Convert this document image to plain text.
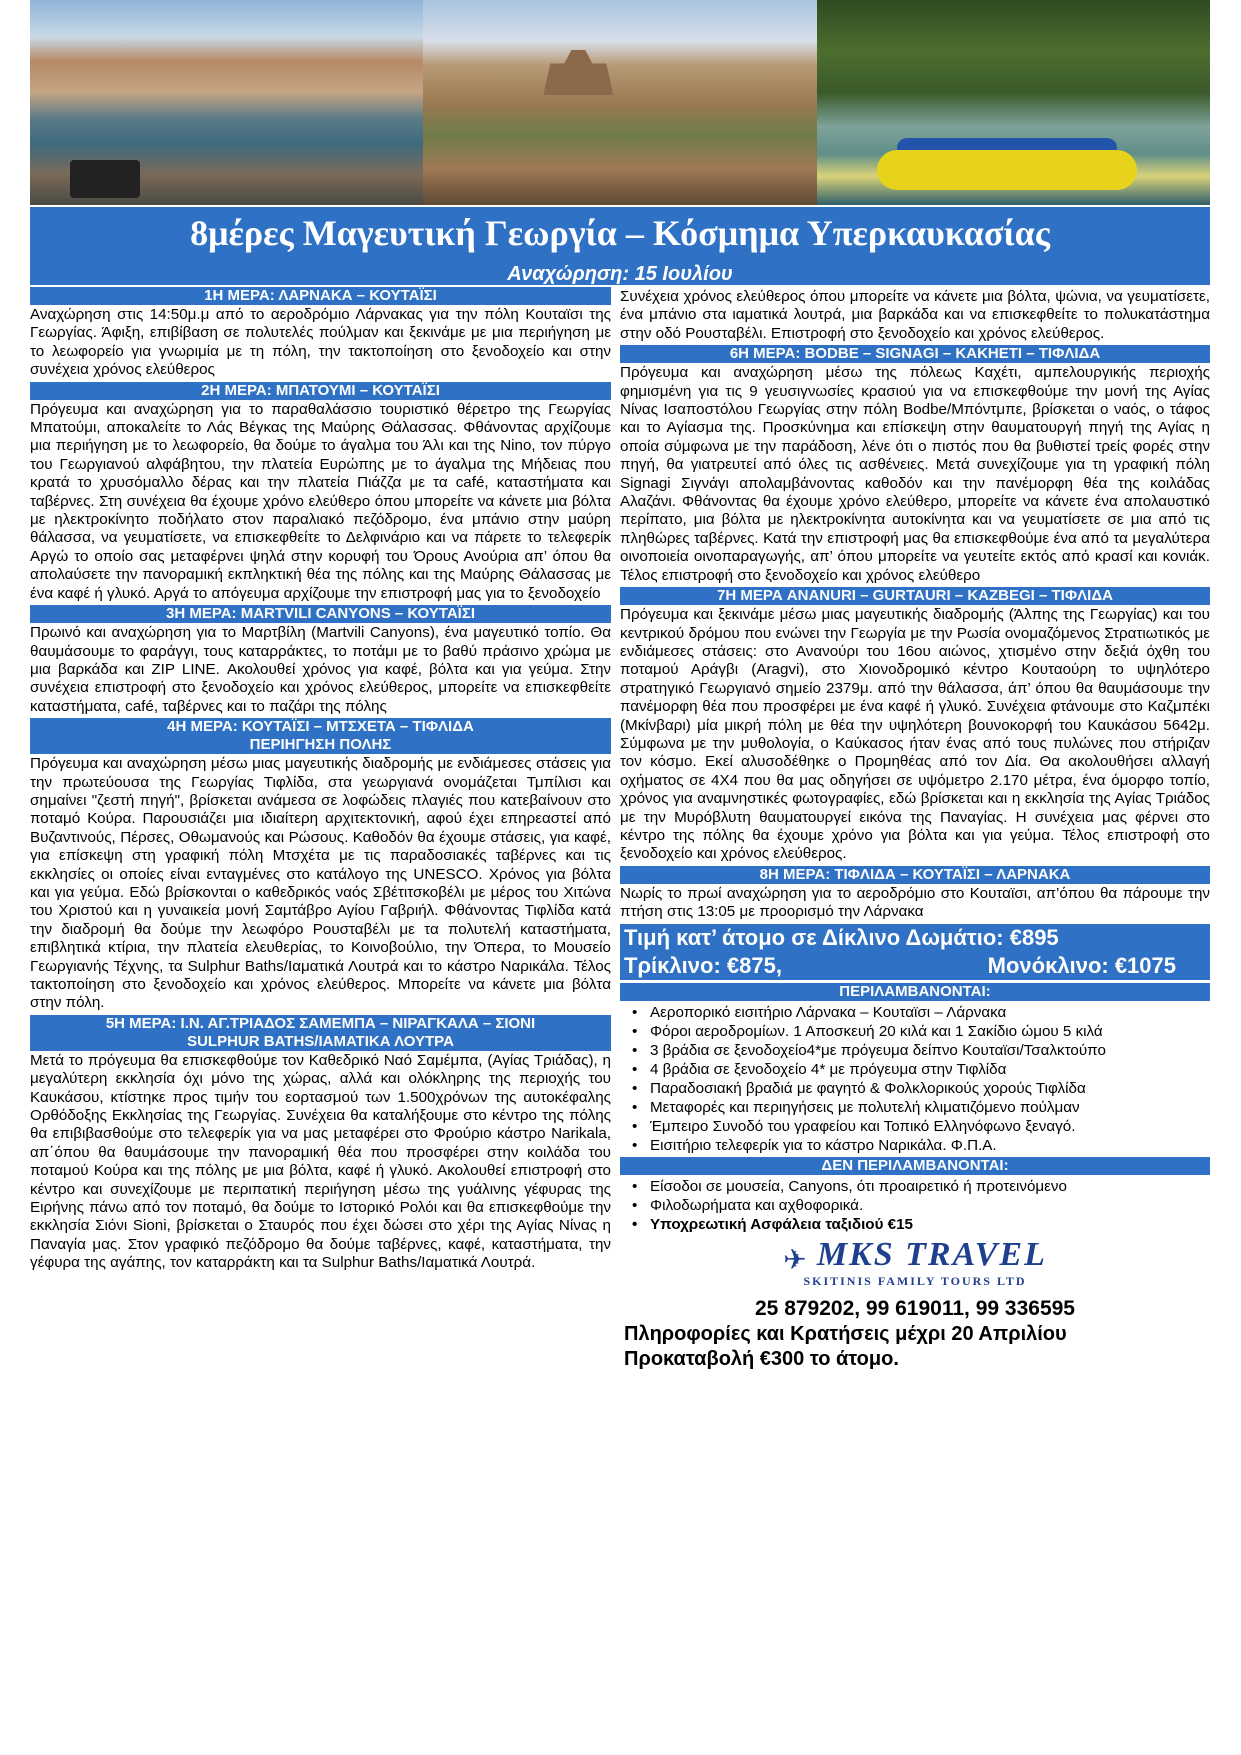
8μέρες Μαγευτική Γεωργία – Κόσμημα Υπερκαυκασίας
Αναχώρηση: 15 Ιουλίου
1Η ΜΕΡΑ: ΛΑΡΝΑΚΑ – ΚΟΥΤΑΪΣΙ
Αναχώρηση στις 14:50μ.μ από το αεροδρόμιο Λάρνακας για την πόλη Κουταϊσι της Γεωργίας. Άφιξη, επιβίβαση σε πολυτελές πούλμαν και ξεκινάμε με μια περιήγηση με το λεωφορείο για γνωριμία με τη πόλη, την τακτοποίηση στο ξενοδοχείο και στην συνέχεια χρόνος ελεύθερος
2Η ΜΕΡΑ: ΜΠΑΤΟΥΜΙ – ΚΟΥΤΑΪΣΙ
Πρόγευμα και αναχώρηση για το παραθαλάσσιο τουριστικό θέρετρο της Γεωργίας Μπατούμι, αποκαλείτε το Λάς Βέγκας της Μαύρης Θάλασσας. Φθάνοντας αρχίζουμε μια περιήγηση με το λεωφορείο, θα δούμε το άγαλμα του Άλι και της Nino, τον πύργο του Γεωργιανού αλφάβητου, την πλατεία Ευρώπης με το άγαλμα της Μήδειας που κρατά το χρυσόμαλλο δέρας και την πλατεία Πιάζζα με τα café, καταστήματα και ταβέρνες. Στη συνέχεια θα έχουμε χρόνο ελεύθερο όπου μπορείτε να κάνετε μια βόλτα με ηλεκτροκίνητο ποδήλατο στον παραλιακό πεζόδρομο, ένα μπάνιο στην μαύρη θάλασσα, να γευματίσετε, να επισκεφθείτε το Δελφινάριο και να πάρετε το τελεφερίκ Αργώ το οποίο σας μεταφέρνει ψηλά στην κορυφή του Όρους Ανούρια απ’ όπου θα απολαύσετε την πανοραμική εκπληκτική θέα της πόλης και της Μαύρης Θάλασσας με ένα καφέ ή γλυκό. Αργά το απόγευμα αρχίζουμε την επιστροφή μας για το ξενοδοχείο
3Η ΜΕΡΑ: MARTVILI CANYONS – ΚΟΥΤΑΪΣΙ
Πρωινό και αναχώρηση για το Μαρτβίλη (Martvili Canyons), ένα μαγευτικό τοπίο. Θα θαυμάσουμε το φαράγγι, τους καταρράκτες, το ποτάμι με το βαθύ πράσινο χρώμα με μια βαρκάδα και ZIP LINE. Ακολουθεί χρόνος για καφέ, βόλτα και για γεύμα. Στην συνέχεια επιστροφή στο ξενοδοχείο και χρόνος ελεύθερος, μπορείτε να επισκεφθείτε καταστήματα, café, ταβέρνες και το παζάρι της πόλης
4Η ΜΕΡΑ: ΚΟΥΤΑΪΣΙ – ΜΤΣΧΕΤΑ – ΤΙΦΛΙΔΑ
ΠΕΡΙΗΓΗΣΗ ΠΟΛΗΣ
Πρόγευμα και αναχώρηση μέσω μιας μαγευτικής διαδρομής με ενδιάμεσες στάσεις για την πρωτεύουσα της Γεωργίας Τιφλίδα, στα γεωργιανά ονομάζεται Τμπίλισι και σημαίνει "ζεστή πηγή", βρίσκεται ανάμεσα σε λοφώδεις πλαγιές που κατεβαίνουν στο ποταμό Κούρα. Παρουσιάζει μια ιδιαίτερη αρχιτεκτονική, αφού έχει επηρεαστεί από Βυζαντινούς, Πέρσες, Οθωμανούς και Ρώσους. Καθοδόν θα έχουμε στάσεις, για καφέ, για επίσκεψη στη γραφική πόλη Μτσχέτα με τις παραδοσιακές ταβέρνες και τις εκκλησίες οι οποίες είναι ενταγμένες στο κατάλογο της UNESCO. Χρόνος για βόλτα και για γεύμα. Εδώ βρίσκονται ο καθεδρικός ναός Σβέτιτσκοβέλι με μέρος του Χιτώνα του Χριστού και η γυναικεία μονή Σαμτάβρο Αγίου Γαβριήλ. Φθάνοντας Τιφλίδα κατά την διαδρομή θα δούμε την λεωφόρο Ρουσταβέλι με τα πολυτελή καταστήματα, επιβλητικά κτίρια, την πλατεία ελευθερίας, το Κοινοβούλιο, την Όπερα, το Μουσείο Γεωργιανής Τέχνης, τα Sulphur Baths/Ιαματικά Λουτρά και το κάστρο Ναρικάλα. Τέλος τακτοποίηση στο ξενοδοχείο και χρόνος ελεύθερος. Μπορείτε να κάνετε μια βόλτα στην πόλη.
5Η ΜΕΡΑ: Ι.Ν. ΑΓ.ΤΡΙΑΔΟΣ ΣΑΜΕΜΠΑ – ΝΙΡΑΓΚΑΛΑ – ΣΙΟΝΙ
SULPHUR BATHS/ΙΑΜΑΤΙΚΑ ΛΟΥΤΡΑ
Μετά το πρόγευμα θα επισκεφθούμε τον Καθεδρικό Ναό Σαμέμπα, (Αγίας Τριάδας), η μεγαλύτερη εκκλησία όχι μόνο της χώρας, αλλά και ολόκληρης της περιοχής του Καυκάσου, κτίστηκε προς τιμήν του εορτασμού των 1.500χρόνων της αυτοκέφαλης Ορθόδοξης Εκκλησίας της Γεωργίας. Συνέχεια θα καταλήξουμε στο κέντρο της πόλης θα επιβιβασθούμε στο τελεφερίκ για να μας μεταφέρει στο Φρούριο κάστρο Narikala, απ΄όπου θα θαυμάσουμε την πανοραμική θέα που προσφέρει στην κοιλάδα του ποταμού Κούρα και της πόλης με μια βόλτα, καφέ ή γλυκό. Ακολουθεί επιστροφή στο κέντρο και συνεχίζουμε με περιπατική περιήγηση μέσω της γυάλινης γέφυρας της Ειρήνης πάνω από τον ποταμό, θα δούμε το Ιστορικό Ρολόι και θα επισκεφθούμε την εκκλησία Σιόνι Sioni, βρίσκεται ο Σταυρός που έχει δώσει στο χέρι της Αγίας Νίνας η Παναγία μας. Στον γραφικό πεζόδρομο θα δούμε ταβέρνες, καφέ, καταστήματα, την γέφυρα της αγάπης, τον καταρράκτη και τα Sulphur Baths/Ιαματικά Λουτρά.
Συνέχεια χρόνος ελεύθερος όπου μπορείτε να κάνετε μια βόλτα, ψώνια, να γευματίσετε, ένα μπάνιο στα ιαματικά λουτρά, μια βαρκάδα και να επισκεφθείτε το πολυκατάστημα στην οδό Ρουσταβέλι. Επιστροφή στο ξενοδοχείο και χρόνος ελεύθερος.
6Η ΜΕΡΑ: BODBE – SIGNAGI – ΚΑΚΗΕΤΙ – ΤΙΦΛΙΔΑ
Πρόγευμα και αναχώρηση μέσω της πόλεως Καχέτι, αμπελουργικής περιοχής φημισμένη για τις 9 γευσιγνωσίες κρασιού για να επισκεφθούμε την μονή της Αγίας Νίνας Ισαποστόλου Γεωργίας στην πόλη Bodbe/Μπόντμπε, βρίσκεται ο ναός, ο τάφος και το Αγίασμα της. Προσκύνημα και επίσκεψη στην θαυματουργή πηγή της Αγίας η οποία σύμφωνα με την παράδοση, λένε ότι ο πιστός που θα βυθιστεί τρείς φορές στην πηγή, θα γιατρευτεί από όλες τις ασθένειες. Μετά συνεχίζουμε για τη γραφική πόλη Signagi Σιγνάγι απολαμβάνοντας καθοδόν και την πανέμορφη θέα της κοιλάδας Αλαζάνι. Φθάνοντας θα έχουμε χρόνο ελεύθερο, μπορείτε να κάνετε ένα απολαυστικό περίπατο, μια βόλτα με ηλεκτροκίνητα αυτοκίνητα και να γευματίσετε σε μια από τις πληθώρες ταβέρνες. Κατά την επιστροφή μας θα επισκεφθούμε ένα από τα μεγαλύτερα οινοποιεία οινοπαραγωγής, απ’ όπου μπορείτε να γευτείτε εκτός από κρασί και κονιάκ. Τέλος επιστροφή στο ξενοδοχείο και χρόνος ελεύθερο
7Η ΜΕΡΑ ANANURI – GURTAURI – KAZBEGI – ΤΙΦΛΙΔΑ
Πρόγευμα και ξεκινάμε μέσω μιας μαγευτικής διαδρομής (Άλπης της Γεωργίας) και του κεντρικού δρόμου που ενώνει την Γεωργία με την Ρωσία ονομαζόμενος Στρατιωτικός με ενδιάμεσες στάσεις: στο Ανανούρι του 16ου αιώνος, χτισμένο στην δεξιά όχθη του ποταμού Αράγβι (Aragvi), στο Χιονοδρομικό κέντρο Κουταούρη το υψηλότερο στρατηγικό Γεωργιανό σημείο 2379μ. από την θάλασσα, άπ’ όπου θα θαυμάσουμε την πανέμορφη θέα που προσφέρει με ένα καφέ ή γλυκό. Συνέχεια φτάνουμε στο Καζμπέκι (Μκίνβαρι) μία μικρή πόλη με θέα την υψηλότερη βουνοκορφή του Καυκάσου 5642μ. Σύμφωνα με την μυθολογία, ο Καύκασος ήταν ένας από τους πυλώνες που στήριζαν τον κόσμο. Εκεί αλυσοδέθηκε ο Προμηθέας από τον Δία. Θα ακολουθήσει αλλαγή οχήματος σε 4Χ4 που θα μας οδηγήσει σε υψόμετρο 2.170 μέτρα, ένα όμορφο τοπίο, χρόνος για αναμνηστικές φωτογραφίες, εδώ βρίσκεται και η εκκλησία της Αγίας Τριάδος με την Μυρόβλυτη θαυματουργεί εικόνα της Παναγίας. Η συνέχεια μας φέρνει στο κέντρο της πόλης θα έχουμε χρόνο για βόλτα και για γεύμα. Τέλος επιστροφή στο ξενοδοχείο και χρόνος ελεύθερος.
8Η ΜΕΡΑ: ΤΙΦΛΙΔΑ – ΚΟΥΤΑΪΣΙ – ΛΑΡΝΑΚΑ
Νωρίς το πρωί αναχώρηση για το αεροδρόμιο στο Κουταϊσι, απ’όπου θα πάρουμε την πτήση στις 13:05 με προορισμό την Λάρνακα
Τιμή κατ’ άτομο σε Δίκλινο Δωμάτιο: €895
Τρίκλινο: €875,	Μονόκλινο: €1075
ΠΕΡΙΛΑΜΒΑΝΟΝΤΑΙ:
• Αεροπορικό εισιτήριο Λάρνακα – Κουταϊσι – Λάρνακα
• Φόροι αεροδρομίων. 1 Αποσκευή 20 κιλά και 1 Σακίδιο ώμου 5 κιλά
• 3 βράδια σε ξενοδοχείο4*με πρόγευμα δείπνο Κουταϊσι/Τσαλκτούπο
• 4 βράδια σε ξενοδοχείο 4* με πρόγευμα στην Τιφλίδα
• Παραδοσιακή βραδιά με φαγητό & Φολκλορικούς χορούς Τιφλίδα
• Μεταφορές και περιηγήσεις με πολυτελή κλιματιζόμενο πούλμαν
• Έμπειρο Συνοδό του γραφείου και Τοπικό Ελληνόφωνο ξεναγό.
• Εισιτήριο τελεφερίκ για το κάστρο Ναρικάλα. Φ.Π.Α.
ΔΕΝ ΠΕΡΙΛΑΜΒΑΝΟΝΤΑΙ:
• Είσοδοι σε μουσεία, Canyons, ότι προαιρετικό ή προτεινόμενο
• Φιλοδωρήματα και αχθοφορικά.
• Υποχρεωτική Ασφάλεια ταξιδιού €15
✈ MKS TRAVEL
SKITINIS FAMILY TOURS LTD
25 879202, 99 619011, 99 336595
Πληροφορίες και Κρατήσεις μέχρι 20 Απριλίου
Προκαταβολή €300 το άτομο.
